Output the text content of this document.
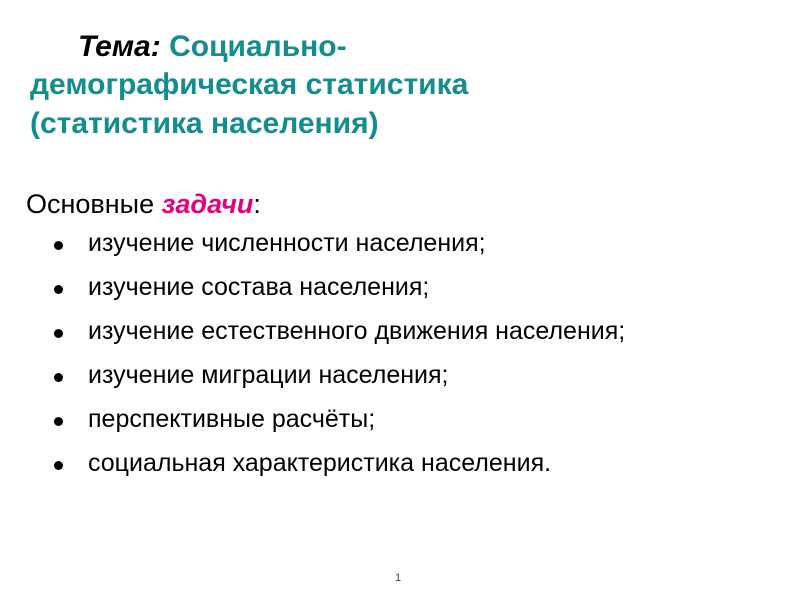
Тема: Социально-
демографическая статистика
(статистика населения)

Основные задачи:

изучение численности населения;
изучение состава населения;
изучение естественного движения населения;
изучение миграции населения;
перспективные расчёты;
социальная характеристика населения.
1
